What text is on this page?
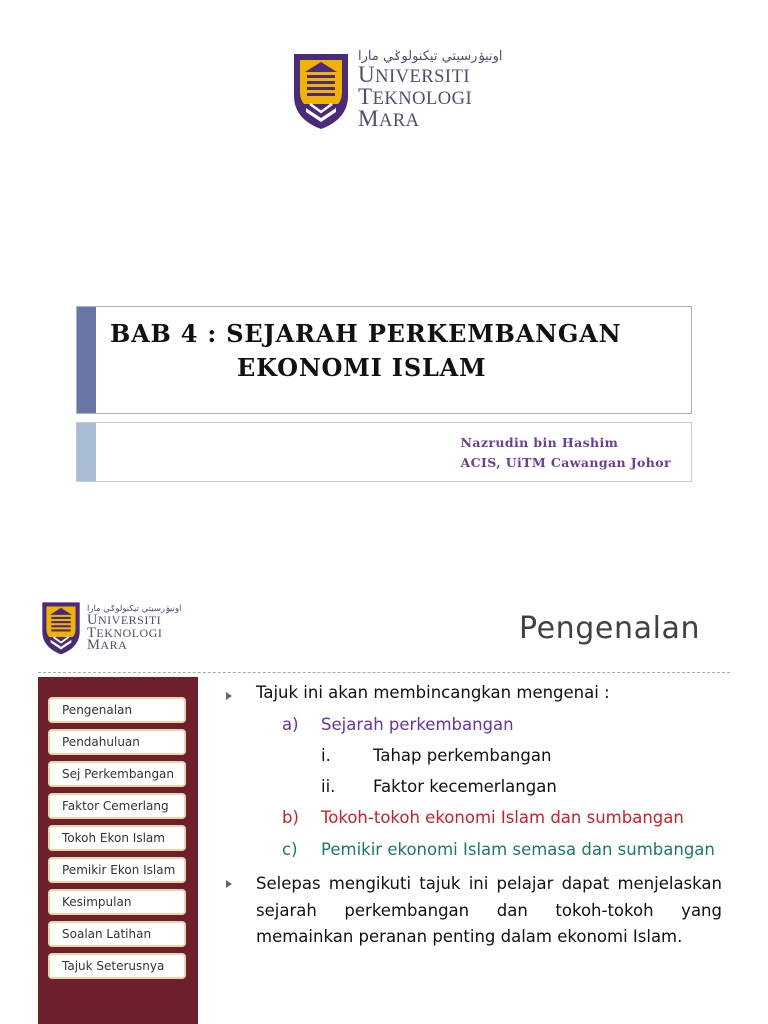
اونيۏرسيتي تيكنولوݢي مارا
UNIVERSITI
TEKNOLOGI
MARA
BAB 4 : SEJARAH PERKEMBANGAN
EKONOMI ISLAM
Nazrudin bin Hashim
ACIS, UiTM Cawangan Johor
اونيۏرسيتي تيكنولوݢي مارا
UNIVERSITI
TEKNOLOGI
MARA	Pengenalan
Pengenalan
Pendahuluan
Sej Perkembangan
Faktor Cemerlang
Tokoh Ekon Islam
Pemikir Ekon Islam
Kesimpulan
Soalan Latihan
Tajuk Seterusnya
Tajuk ini akan membincangkan mengenai :
a) Sejarah perkembangan
i.	Tahap perkembangan
ii. Faktor kecemerlangan
b) Tokoh-tokoh ekonomi Islam dan sumbangan
c) Pemikir ekonomi Islam semasa dan sumbangan
Selepas mengikuti tajuk ini pelajar dapat menjelaskan sejarah perkembangan dan tokoh-tokoh yang memainkan peranan penting dalam ekonomi Islam.
